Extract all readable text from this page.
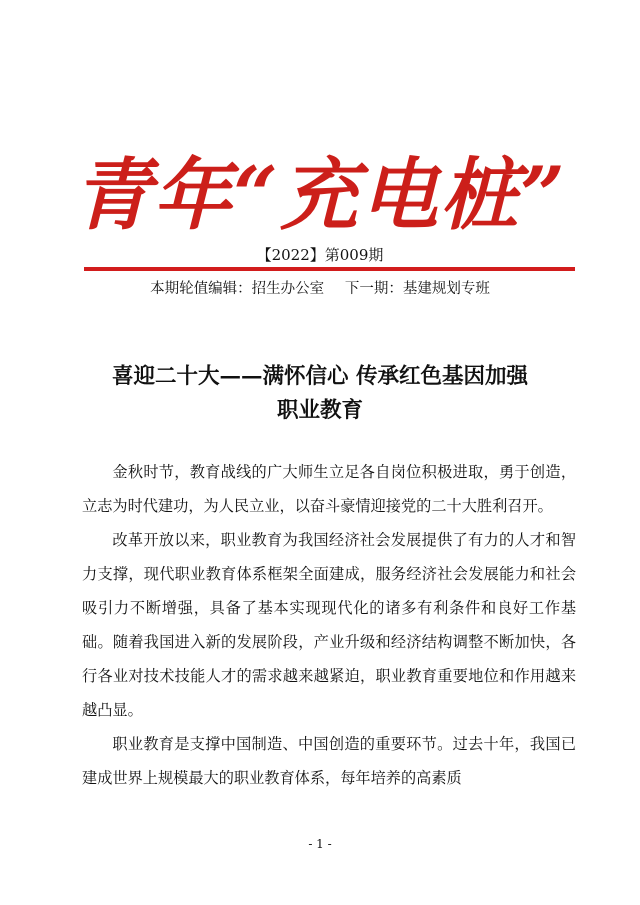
青年“充电桩”
【2022】第009期
本期轮值编辑：招生办公室 下一期：基建规划专班
喜迎二十大——满怀信心 传承红色基因加强
职业教育

金秋时节，教育战线的广大师生立足各自岗位积极进取，勇于创造，立志为时代建功，为人民立业，以奋斗豪情迎接党的二十大胜利召开。

改革开放以来，职业教育为我国经济社会发展提供了有力的人才和智力支撑，现代职业教育体系框架全面建成，服务经济社会发展能力和社会吸引力不断增强，具备了基本实现现代化的诸多有利条件和良好工作基础。随着我国进入新的发展阶段，产业升级和经济结构调整不断加快，各行各业对技术技能人才的需求越来越紧迫，职业教育重要地位和作用越来越凸显。

职业教育是支撑中国制造、中国创造的重要环节。过去十年，我国已建成世界上规模最大的职业教育体系，每年培养的高素质

- 1 -
